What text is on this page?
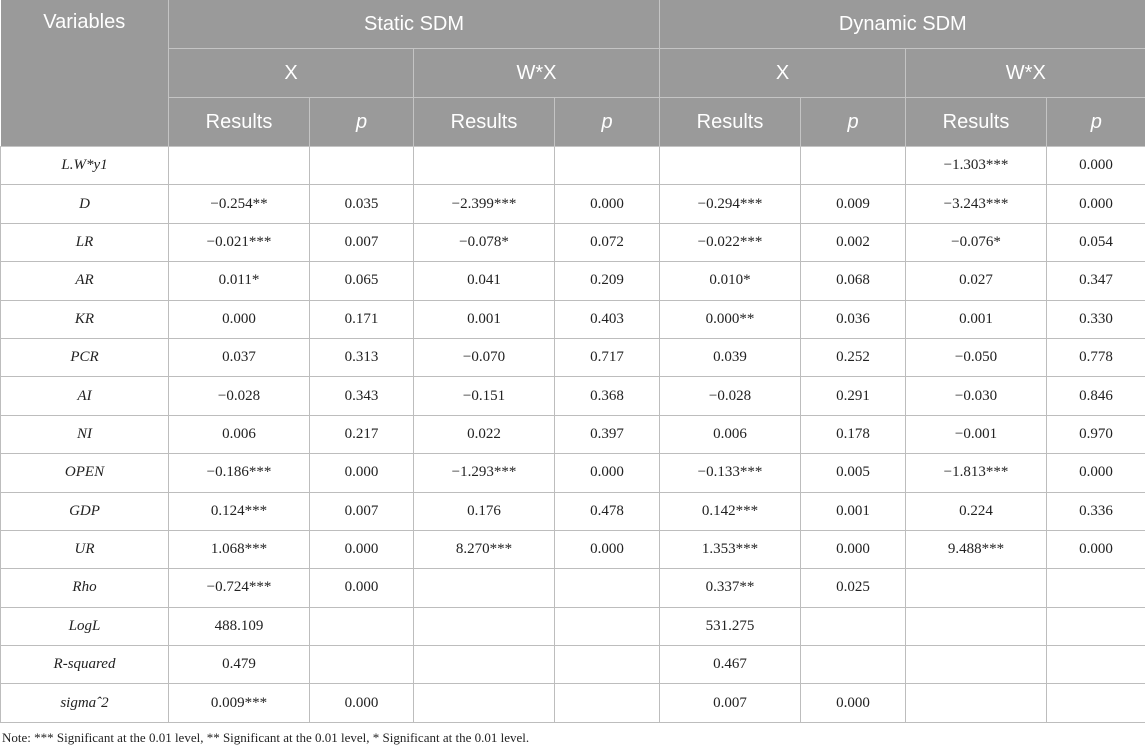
Variables	Static SDM				Dynamic SDM			
	X		W*X		X		W*X	
	Results	p	Results	p	Results	p	Results	p
L.W*y1							−1.303***	0.000
D	−0.254**	0.035	−2.399***	0.000	−0.294***	0.009	−3.243***	0.000
LR	−0.021***	0.007	−0.078*	0.072	−0.022***	0.002	−0.076*	0.054
AR	0.011*	0.065	0.041	0.209	0.010*	0.068	0.027	0.347
KR	0.000	0.171	0.001	0.403	0.000**	0.036	0.001	0.330
PCR	0.037	0.313	−0.070	0.717	0.039	0.252	−0.050	0.778
AI	−0.028	0.343	−0.151	0.368	−0.028	0.291	−0.030	0.846
NI	0.006	0.217	0.022	0.397	0.006	0.178	−0.001	0.970
OPEN	−0.186***	0.000	−1.293***	0.000	−0.133***	0.005	−1.813***	0.000
GDP	0.124***	0.007	0.176	0.478	0.142***	0.001	0.224	0.336
UR	1.068***	0.000	8.270***	0.000	1.353***	0.000	9.488***	0.000
Rho	−0.724***	0.000			0.337**	0.025		
LogL	488.109				531.275			
R-squared	0.479				0.467			
sigmaˆ2	0.009***	0.000			0.007	0.000		
Note: *** Significant at the 0.01 level, ** Significant at the 0.01 level, * Significant at the 0.01 level.
